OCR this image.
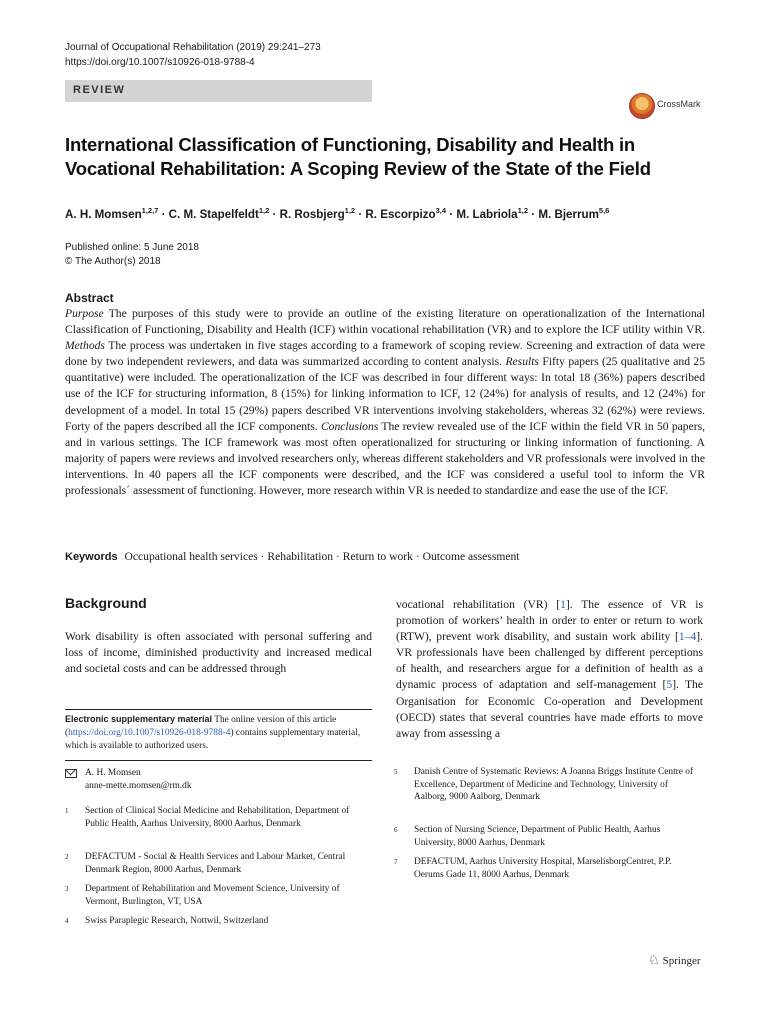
Journal of Occupational Rehabilitation (2019) 29:241–273
https://doi.org/10.1007/s10926-018-9788-4
REVIEW
CrossMark
International Classification of Functioning, Disability and Health in Vocational Rehabilitation: A Scoping Review of the State of the Field
A. H. Momsen$^{1,2,7}$ · C. M. Stapelfeldt$^{1,2}$ · R. Rosbjerg$^{1,2}$ · R. Escorpizo$^{3,4}$ · M. Labriola$^{1,2}$ · M. Bjerrum$^{5,6}$
Published online: 5 June 2018
© The Author(s) 2018
Abstract
Purpose The purposes of this study were to provide an outline of the existing literature on operationalization of the International Classification of Functioning, Disability and Health (ICF) within vocational rehabilitation (VR) and to explore the ICF utility within VR. Methods The process was undertaken in five stages according to a framework of scoping review. Screening and extraction of data were done by two independent reviewers, and data was summarized according to content analysis. Results Fifty papers (25 qualitative and 25 quantitative) were included. The operationalization of the ICF was described in four different ways: In total 18 (36%) papers described use of the ICF for structuring information, 8 (15%) for linking information to ICF, 12 (24%) for analysis of results, and 12 (24%) for development of a model. In total 15 (29%) papers described VR interventions involving stakeholders, whereas 32 (62%) were reviews. Forty of the papers described all the ICF components. Conclusions The review revealed use of the ICF within the field VR in 50 papers, and in various settings. The ICF framework was most often operationalized for structuring or linking information of functioning. A majority of papers were reviews and involved researchers only, whereas different stakeholders and VR professionals were involved in the interventions. In 40 papers all the ICF components were described, and the ICF was considered a useful tool to inform the VR professionals´ assessment of functioning. However, more research within VR is needed to standardize and ease the use of the ICF.
Keywords Occupational health services · Rehabilitation · Return to work · Outcome assessment
Background
Work disability is often associated with personal suffering and loss of income, diminished productivity and increased medical and societal costs and can be addressed through
vocational rehabilitation (VR) [1]. The essence of VR is promotion of workers’ health in order to enter or return to work (RTW), prevent work disability, and sustain work ability [1–4]. VR professionals have been challenged by different perceptions of health, and researchers argue for a definition of health as a dynamic process of adaptation and self-management [5]. The Organisation for Economic Co-operation and Development (OECD) states that several countries have made efforts to move away from assessing a
Electronic supplementary material The online version of this article (https://doi.org/10.1007/s10926-018-9788-4) contains supplementary material, which is available to authorized users.
A. H. Momsen
anne-mette.momsen@rm.dk
1 Section of Clinical Social Medicine and Rehabilitation, Department of Public Health, Aarhus University, 8000 Aarhus, Denmark
2 DEFACTUM - Social & Health Services and Labour Market, Central Denmark Region, 8000 Aarhus, Denmark
3 Department of Rehabilitation and Movement Science, University of Vermont, Burlington, VT, USA
4 Swiss Paraplegic Research, Nottwil, Switzerland
5 Danish Centre of Systematic Reviews: A Joanna Briggs Institute Centre of Excellence, Department of Medicine and Technology, University of Aalborg, 9000 Aalborg, Denmark
6 Section of Nursing Science, Department of Public Health, Aarhus University, 8000 Aarhus, Denmark
7 DEFACTUM, Aarhus University Hospital, MarselisborgCentret, P.P. Oerums Gade 11, 8000 Aarhus, Denmark
♘ Springer
